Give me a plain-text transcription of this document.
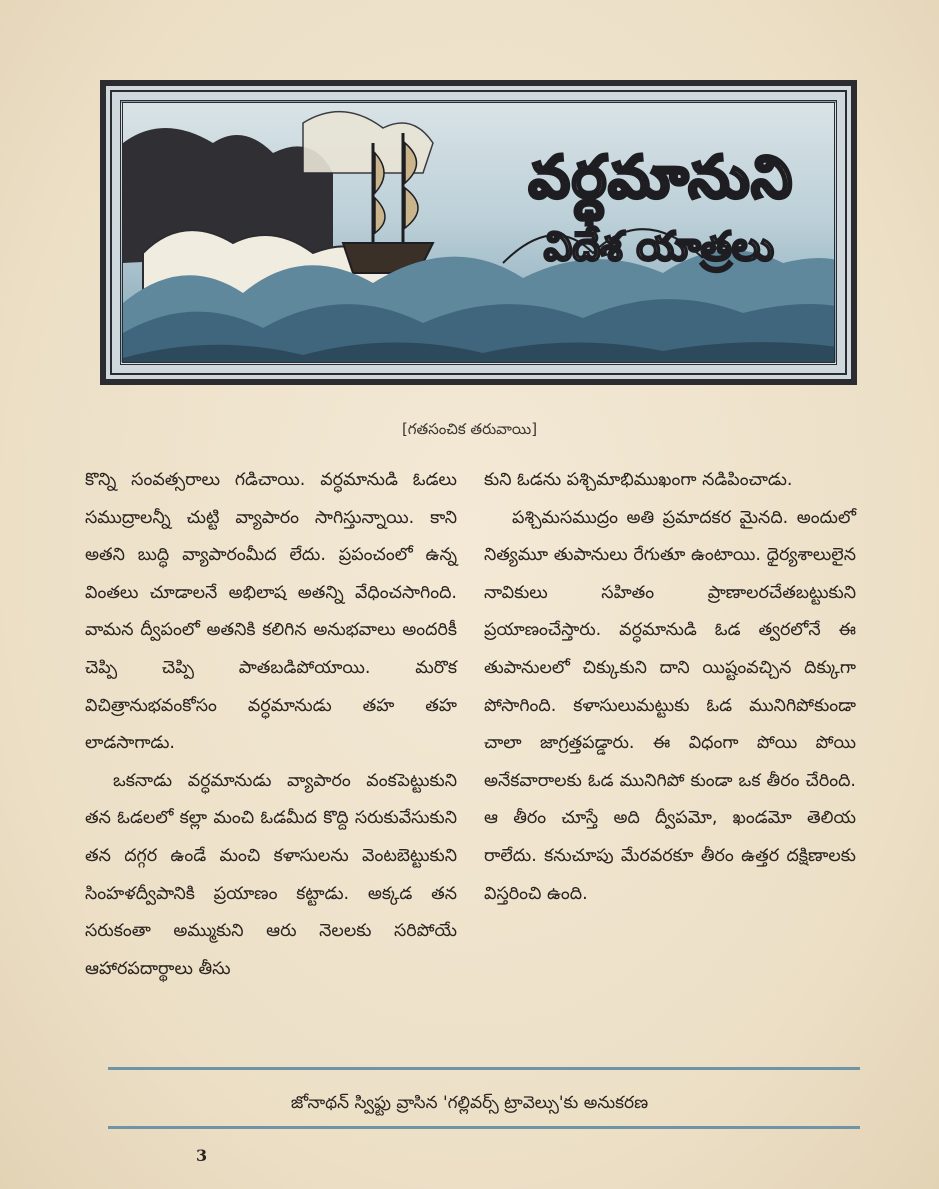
వర్ధమానుని
విదేశ యాత్రలు
[గతసంచిక తరువాయి]

కొన్ని సంవత్సరాలు గడిచాయి. వర్ధమానుడి ఓడలు సముద్రాలన్నీ చుట్టి వ్యాపారం సాగిస్తున్నాయి. కాని అతని బుద్ధి వ్యాపారంమీద లేదు. ప్రపంచంలో ఉన్న వింతలు చూడాలనే అభిలాష అతన్ని వేధించసాగింది. వామన ద్వీపంలో అతనికి కలిగిన అనుభవాలు అందరికీ చెప్పి చెప్పి పాతబడిపోయాయి. మరొక విచిత్రానుభవంకోసం వర్ధమానుడు తహ తహ లాడసాగాడు.

ఒకనాడు వర్ధమానుడు వ్యాపారం వంకపెట్టుకుని తన ఓడలలో కల్లా మంచి ఓడమీద కొద్ది సరుకువేసుకుని తన దగ్గర ఉండే మంచి కళాసులను వెంటబెట్టుకుని సింహళద్వీపానికి ప్రయాణం కట్టాడు. అక్కడ తన సరుకంతా అమ్ముకుని ఆరు నెలలకు సరిపోయే ఆహారపదార్థాలు తీసు

కుని ఓడను పశ్చిమాభిముఖంగా నడిపించాడు.

పశ్చిమసముద్రం అతి ప్రమాదకర మైనది. అందులో నిత్యమూ తుపానులు రేగుతూ ఉంటాయి. ధైర్యశాలులైన నావికులు సహితం ప్రాణాలరచేతబట్టుకుని ప్రయాణంచేస్తారు. వర్ధమానుడి ఓడ త్వరలోనే ఈ తుపానులలో చిక్కుకుని దాని యిష్టంవచ్చిన దిక్కుగా పోసాగింది. కళాసులుమట్టుకు ఓడ మునిగిపోకుండా చాలా జాగ్రత్తపడ్డారు. ఈ విధంగా పోయి పోయి అనేకవారాలకు ఓడ మునిగిపో కుండా ఒక తీరం చేరింది. ఆ తీరం చూస్తే అది ద్వీపమో, ఖండమో తెలియ రాలేదు. కనుచూపు మేరవరకూ తీరం ఉత్తర దక్షిణాలకు విస్తరించి ఉంది.

జోనాథన్ స్విఫ్టు వ్రాసిన 'గల్లివర్స్ ట్రావెల్సు'కు అనుకరణ
3
